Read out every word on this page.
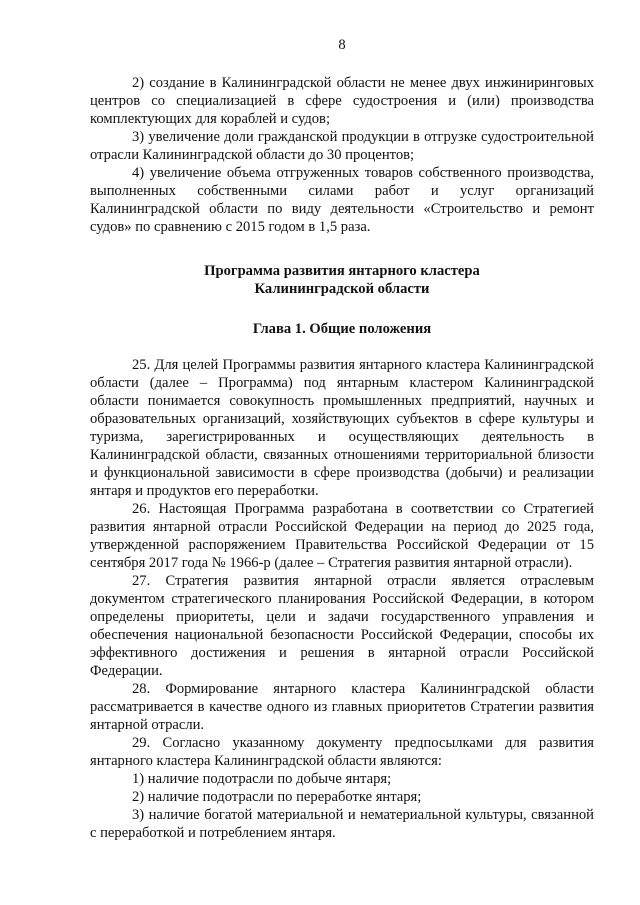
8

2) создание в Калининградской области не менее двух инжиниринговых центров со специализацией в сфере судостроения и (или) производства комплектующих для кораблей и судов;

3) увеличение доли гражданской продукции в отгрузке судостроительной отрасли Калининградской области до 30 процентов;

4) увеличение объема отгруженных товаров собственного производства, выполненных собственными силами работ и услуг организаций Калининградской области по виду деятельности «Строительство и ремонт судов» по сравнению с 2015 годом в 1,5 раза.

Программа развития янтарного кластера
Калининградской области
Глава 1. Общие положения

25. Для целей Программы развития янтарного кластера Калининградской области (далее – Программа) под янтарным кластером Калининградской области понимается совокупность промышленных предприятий, научных и образовательных организаций, хозяйствующих субъектов в сфере культуры и туризма, зарегистрированных и осуществляющих деятельность в Калининградской области, связанных отношениями территориальной близости и функциональной зависимости в сфере производства (добычи) и реализации янтаря и продуктов его переработки.

26. Настоящая Программа разработана в соответствии со Стратегией развития янтарной отрасли Российской Федерации на период до 2025 года, утвержденной распоряжением Правительства Российской Федерации от 15 сентября 2017 года № 1966-р (далее – Стратегия развития янтарной отрасли).

27. Стратегия развития янтарной отрасли является отраслевым документом стратегического планирования Российской Федерации, в котором определены приоритеты, цели и задачи государственного управления и обеспечения национальной безопасности Российской Федерации, способы их эффективного достижения и решения в янтарной отрасли Российской Федерации.

28. Формирование янтарного кластера Калининградской области рассматривается в качестве одного из главных приоритетов Стратегии развития янтарной отрасли.

29. Согласно указанному документу предпосылками для развития янтарного кластера Калининградской области являются:

1) наличие подотрасли по добыче янтаря;

2) наличие подотрасли по переработке янтаря;

3) наличие богатой материальной и нематериальной культуры, связанной с переработкой и потреблением янтаря.
